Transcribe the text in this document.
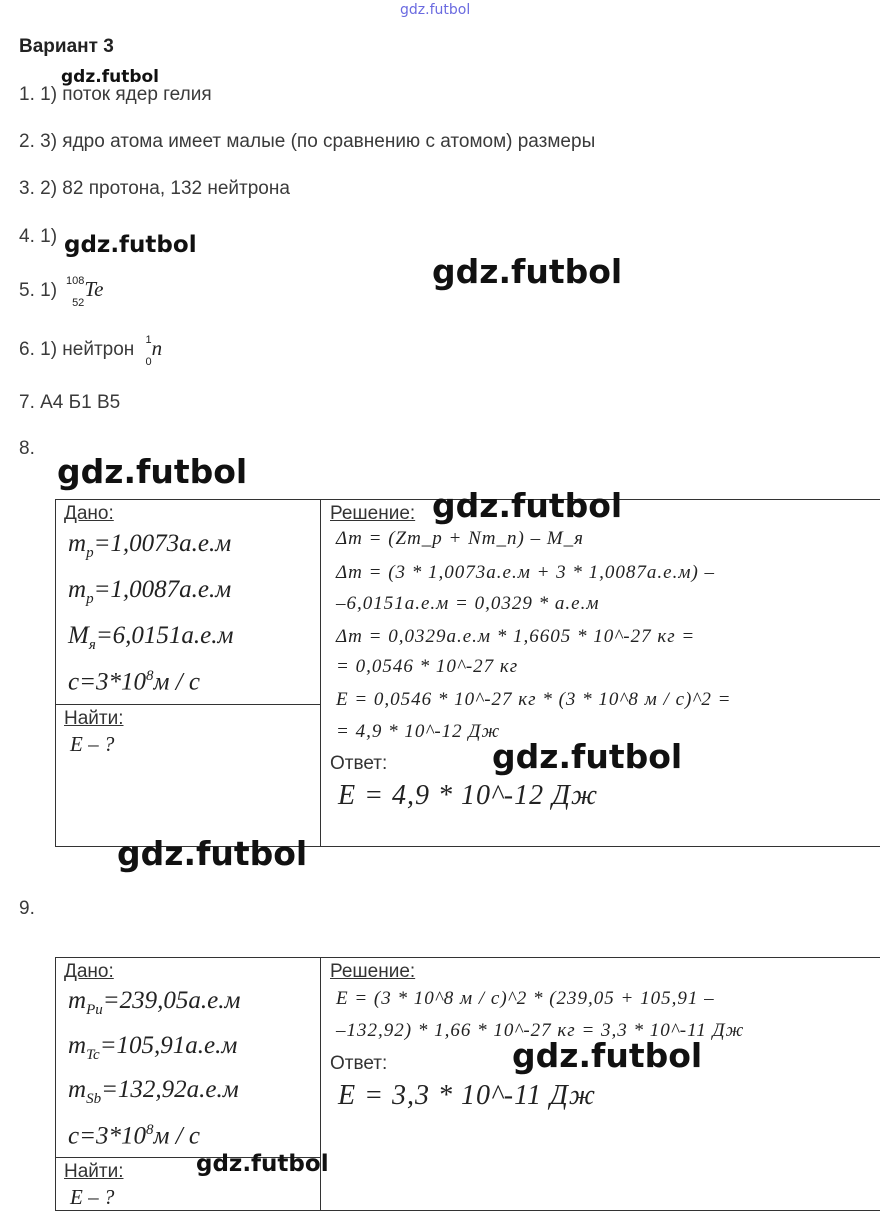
gdz.futbol
Вариант 3
gdz.futbol
1. 1) поток ядер гелия
2. 3) ядро атома имеет малые (по сравнению с атомом) размеры
3. 2) 82 протона, 132 нейтрона
4. 1) gdz.futbol
5. 1) 108
52
Te	gdz.futbol
6. 1) нейтрон 1
0
n
7. А4 Б1 В5
8.
gdz.futbol
Дано:
$m_p=1,0073а.е.м$
$m_p=1,0087а.е.м$
$M_я=6,0151а.е.м$
$c=3*10^8м / с$
Найти:
E – ?
Решение:
Δm = (Zm_p + Nm_n) – M_я
Δm = (3 * 1,0073а.е.м + 3 * 1,0087а.е.м) –
–6,0151а.е.м = 0,0329 * а.е.м
Δm = 0,0329а.е.м * 1,6605 * 10^-27 кг =
= 0,0546 * 10^-27 кг
E = 0,0546 * 10^-27 кг * (3 * 10^8 м / с)^2 =
= 4,9 * 10^-12 Дж
Ответ:
E = 4,9 * 10^-12 Дж
gdz.futbol
gdz.futbol
gdz.futbol
9.
Дано:
$m_{Pu}=239,05а.е.м$
$m_{Tc}=105,91а.е.м$
$m_{Sb}=132,92а.е.м$
$c=3*10^8м / с$
Найти:
E – ?
Решение:
E = (3 * 10^8 м / с)^2 * (239,05 + 105,91 –
–132,92) * 1,66 * 10^-27 кг = 3,3 * 10^-11 Дж
Ответ:
E = 3,3 * 10^-11 Дж
gdz.futbol
gdz.futbol
